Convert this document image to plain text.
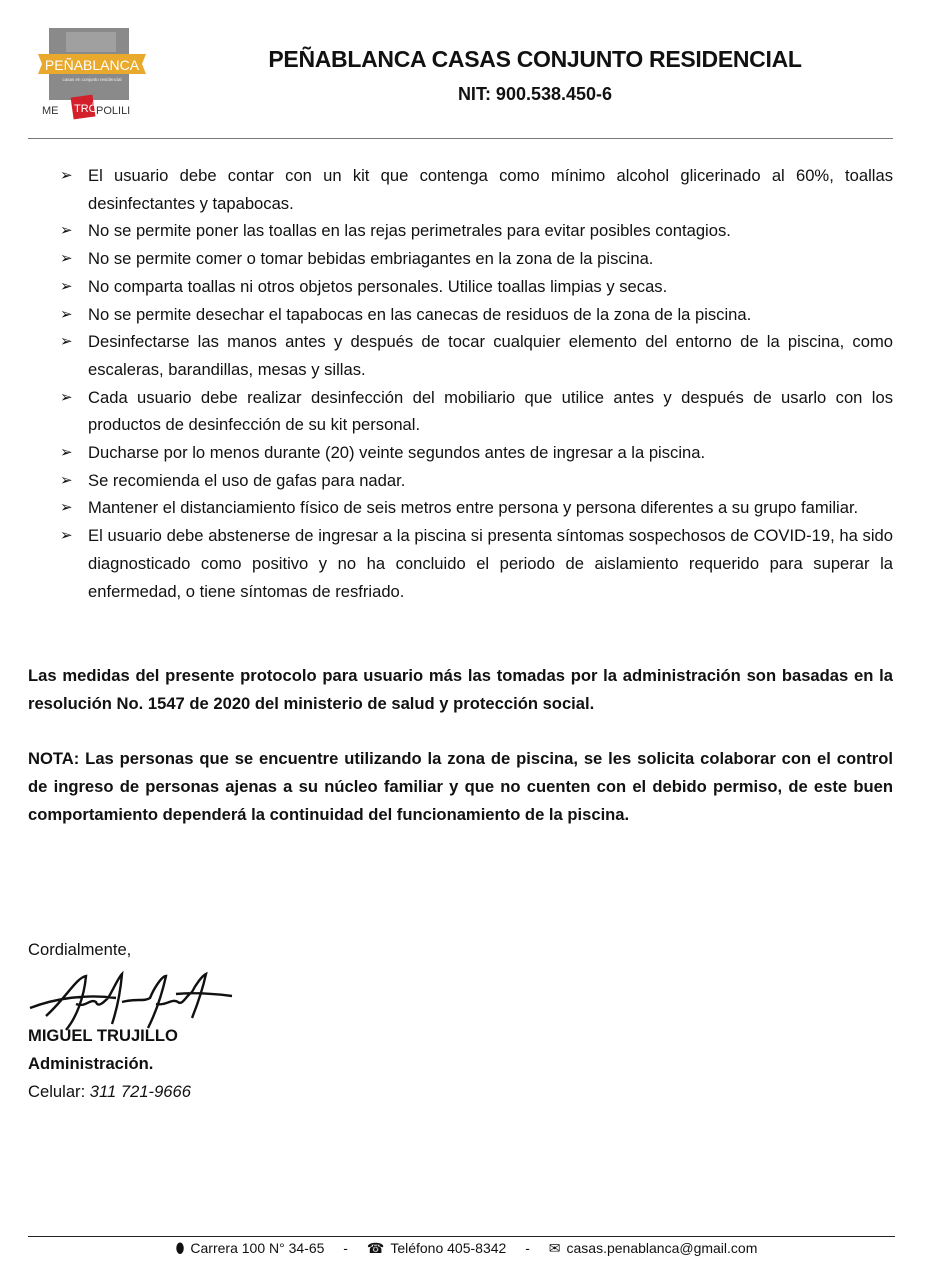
PEÑABLANCA
casas en conjunto residencial
ME TRÓ
POLILI
PEÑABLANCA CASAS CONJUNTO RESIDENCIAL
NIT: 900.538.450-6
➢ El usuario debe contar con un kit que contenga como mínimo alcohol glicerinado al 60%, toallas desinfectantes y tapabocas.
➢ No se permite poner las toallas en las rejas perimetrales para evitar posibles contagios.
➢ No se permite comer o tomar bebidas embriagantes en la zona de la piscina.
➢ No comparta toallas ni otros objetos personales. Utilice toallas limpias y secas.
➢ No se permite desechar el tapabocas en las canecas de residuos de la zona de la piscina.
➢ Desinfectarse las manos antes y después de tocar cualquier elemento del entorno de la piscina, como escaleras, barandillas, mesas y sillas.
➢ Cada usuario debe realizar desinfección del mobiliario que utilice antes y después de usarlo con los productos de desinfección de su kit personal.
➢ Ducharse por lo menos durante (20) veinte segundos antes de ingresar a la piscina.
➢ Se recomienda el uso de gafas para nadar.
➢ Mantener el distanciamiento físico de seis metros entre persona y persona diferentes a su grupo familiar.
➢ El usuario debe abstenerse de ingresar a la piscina si presenta síntomas sospechosos de COVID-19, ha sido diagnosticado como positivo y no ha concluido el periodo de aislamiento requerido para superar la enfermedad, o tiene síntomas de resfriado.
Las medidas del presente protocolo para usuario más las tomadas por la administración son basadas en la resolución No. 1547 de 2020 del ministerio de salud y protección social.
NOTA: Las personas que se encuentre utilizando la zona de piscina, se les solicita colaborar con el control de ingreso de personas ajenas a su núcleo familiar y que no cuenten con el debido permiso, de este buen comportamiento dependerá la continuidad del funcionamiento de la piscina.
Cordialmente,
MIGUEL TRUJILLO
Administración.
Celular: 311 721-9666
⬮ Carrera 100 N° 34-65 - ☎ Teléfono 405-8342 - ✉ casas.penablanca@gmail.com
